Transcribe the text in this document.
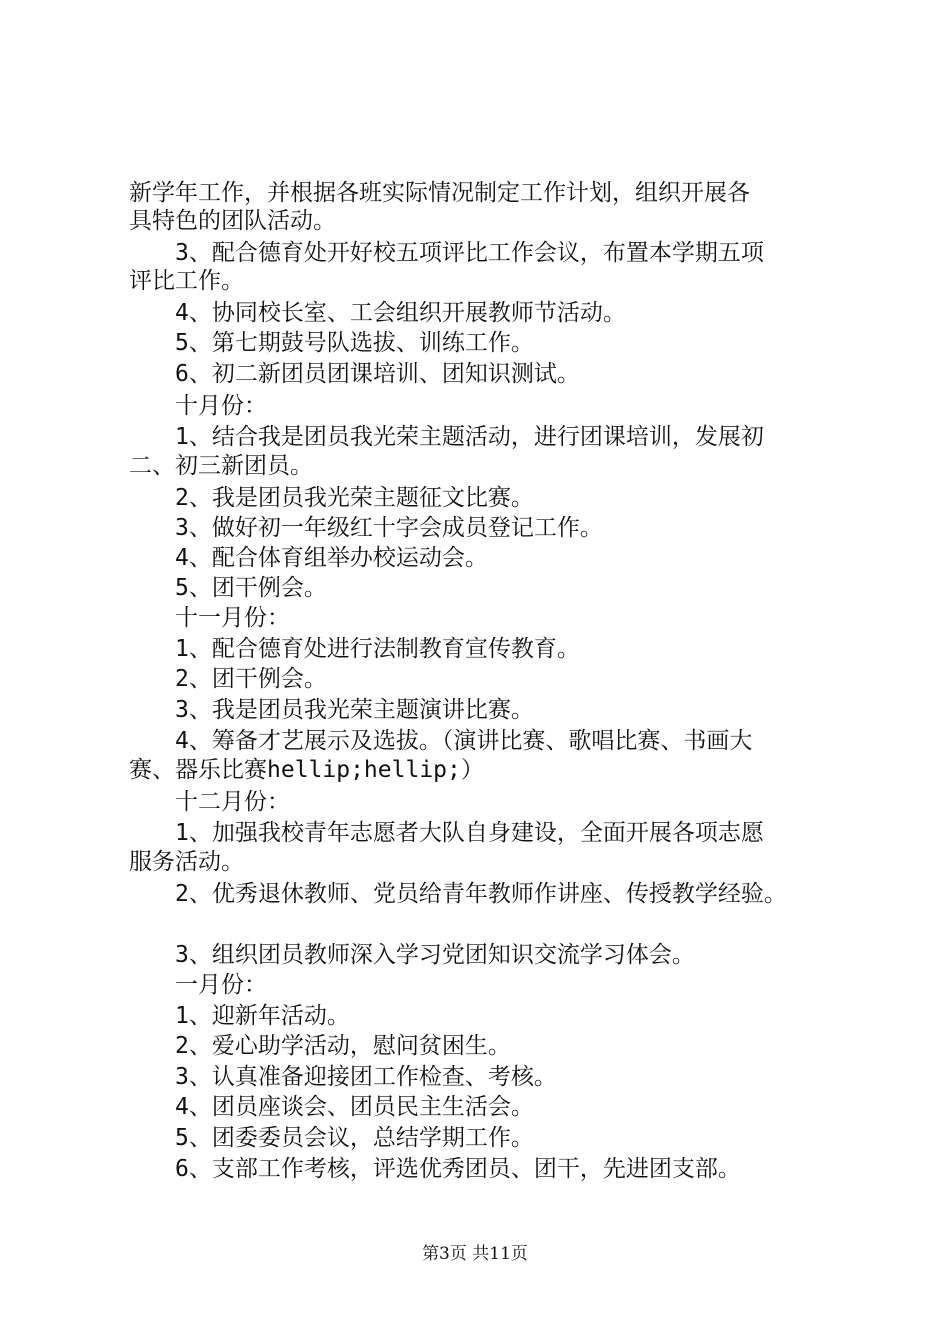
新学年工作，并根据各班实际情况制定工作计划，组织开展各
具特色的团队活动。
3、配合德育处开好校五项评比工作会议，布置本学期五项
评比工作。
4、协同校长室、工会组织开展教师节活动。
5、第七期鼓号队选拔、训练工作。
6、初二新团员团课培训、团知识测试。
十月份：
1、结合我是团员我光荣主题活动，进行团课培训，发展初
二、初三新团员。
2、我是团员我光荣主题征文比赛。
3、做好初一年级红十字会成员登记工作。
4、配合体育组举办校运动会。
5、团干例会。
十一月份：
1、配合德育处进行法制教育宣传教育。
2、团干例会。
3、我是团员我光荣主题演讲比赛。
4、筹备才艺展示及选拔。（演讲比赛、歌唱比赛、书画大
赛、器乐比赛hellip;hellip;）
十二月份：
1、加强我校青年志愿者大队自身建设，全面开展各项志愿
服务活动。
2、优秀退休教师、党员给青年教师作讲座、传授教学经验。
3、组织团员教师深入学习党团知识交流学习体会。
一月份：
1、迎新年活动。
2、爱心助学活动，慰问贫困生。
3、认真准备迎接团工作检查、考核。
4、团员座谈会、团员民主生活会。
5、团委委员会议，总结学期工作。
6、支部工作考核，评选优秀团员、团干，先进团支部。
第3页 共11页
